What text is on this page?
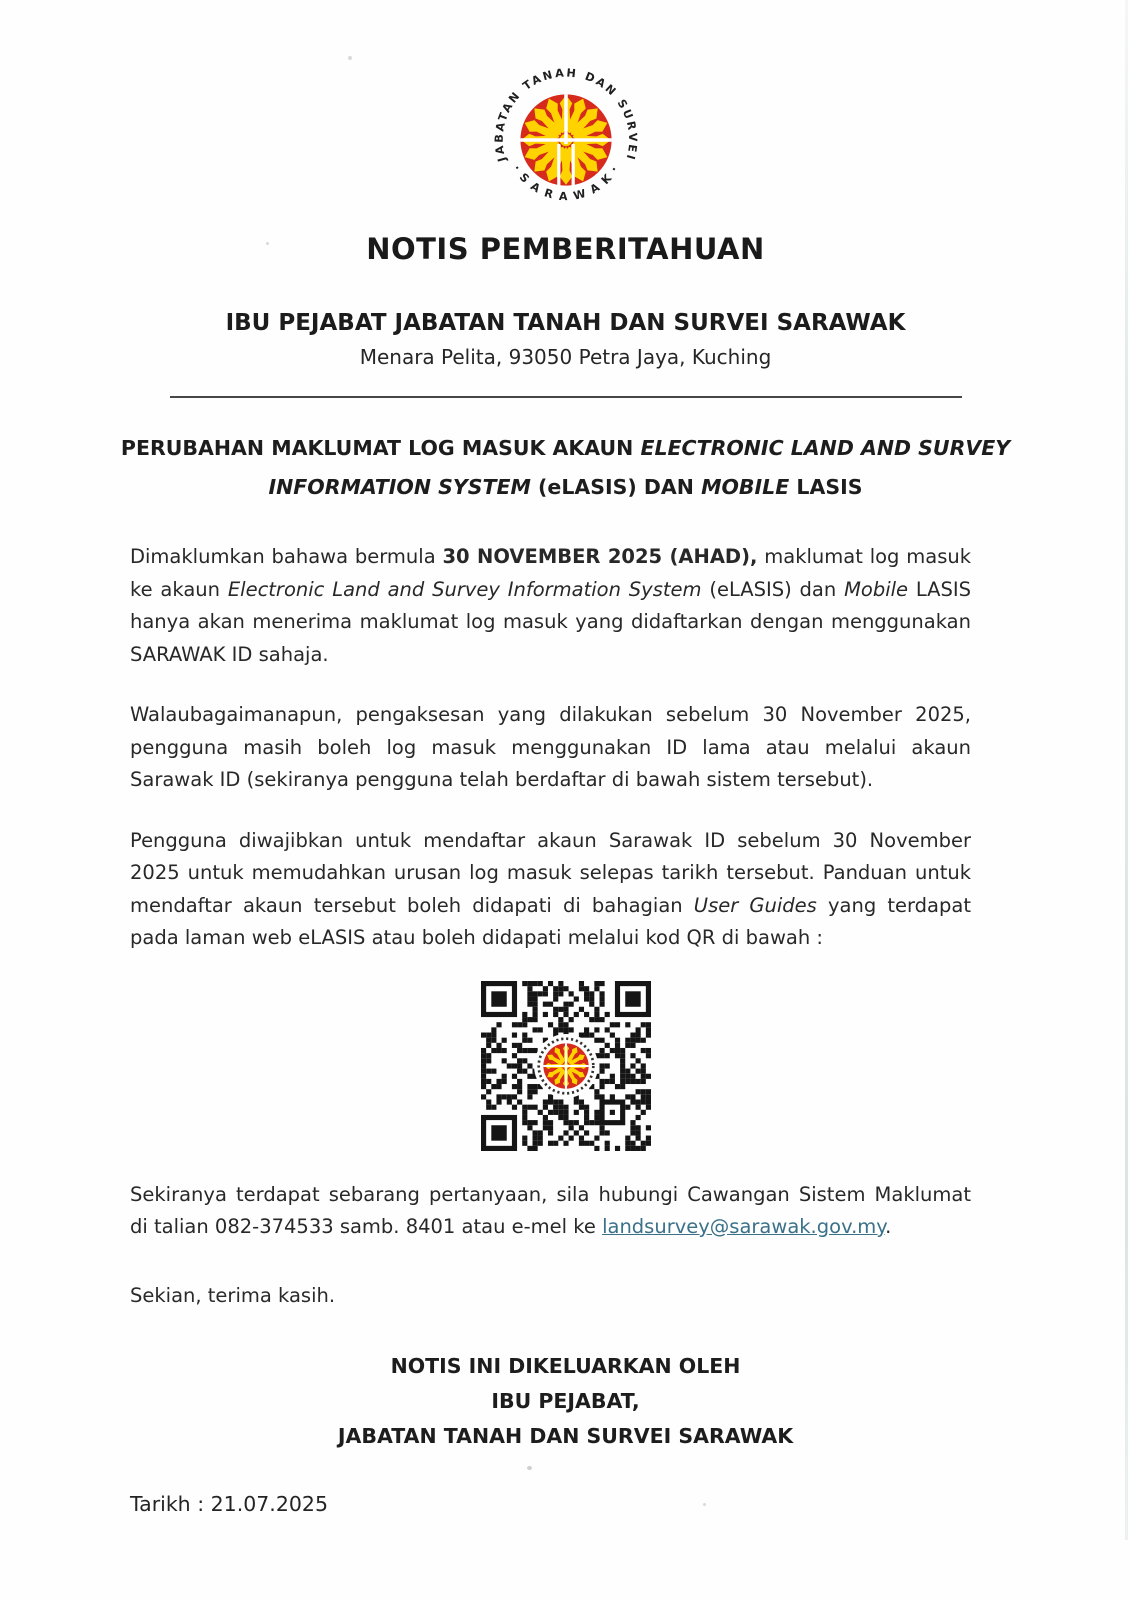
JABATAN TANAH DAN SURVEI
· S A R A W A K ·
NOTIS PEMBERITAHUAN
IBU PEJABAT JABATAN TANAH DAN SURVEI SARAWAK
Menara Pelita, 93050 Petra Jaya, Kuching
PERUBAHAN MAKLUMAT LOG MASUK AKAUN ELECTRONIC LAND AND SURVEY INFORMATION SYSTEM (eLASIS) DAN MOBILE LASIS

Dimaklumkan bahawa bermula 30 NOVEMBER 2025 (AHAD), maklumat log masuk ke akaun Electronic Land and Survey Information System (eLASIS) dan Mobile LASIS hanya akan menerima maklumat log masuk yang didaftarkan dengan menggunakan SARAWAK ID sahaja.

Walaubagaimanapun, pengaksesan yang dilakukan sebelum 30 November 2025, pengguna masih boleh log masuk menggunakan ID lama atau melalui akaun Sarawak ID (sekiranya pengguna telah berdaftar di bawah sistem tersebut).

Pengguna diwajibkan untuk mendaftar akaun Sarawak ID sebelum 30 November 2025 untuk memudahkan urusan log masuk selepas tarikh tersebut. Panduan untuk mendaftar akaun tersebut boleh didapati di bahagian User Guides yang terdapat pada laman web eLASIS atau boleh didapati melalui kod QR di bawah :

Sekiranya terdapat sebarang pertanyaan, sila hubungi Cawangan Sistem Maklumat di talian 082-374533 samb. 8401 atau e-mel ke landsurvey@sarawak.gov.my.

Sekian, terima kasih.

NOTIS INI DIKELUARKAN OLEH
IBU PEJABAT,
JABATAN TANAH DAN SURVEI SARAWAK
Tarikh : 21.07.2025
